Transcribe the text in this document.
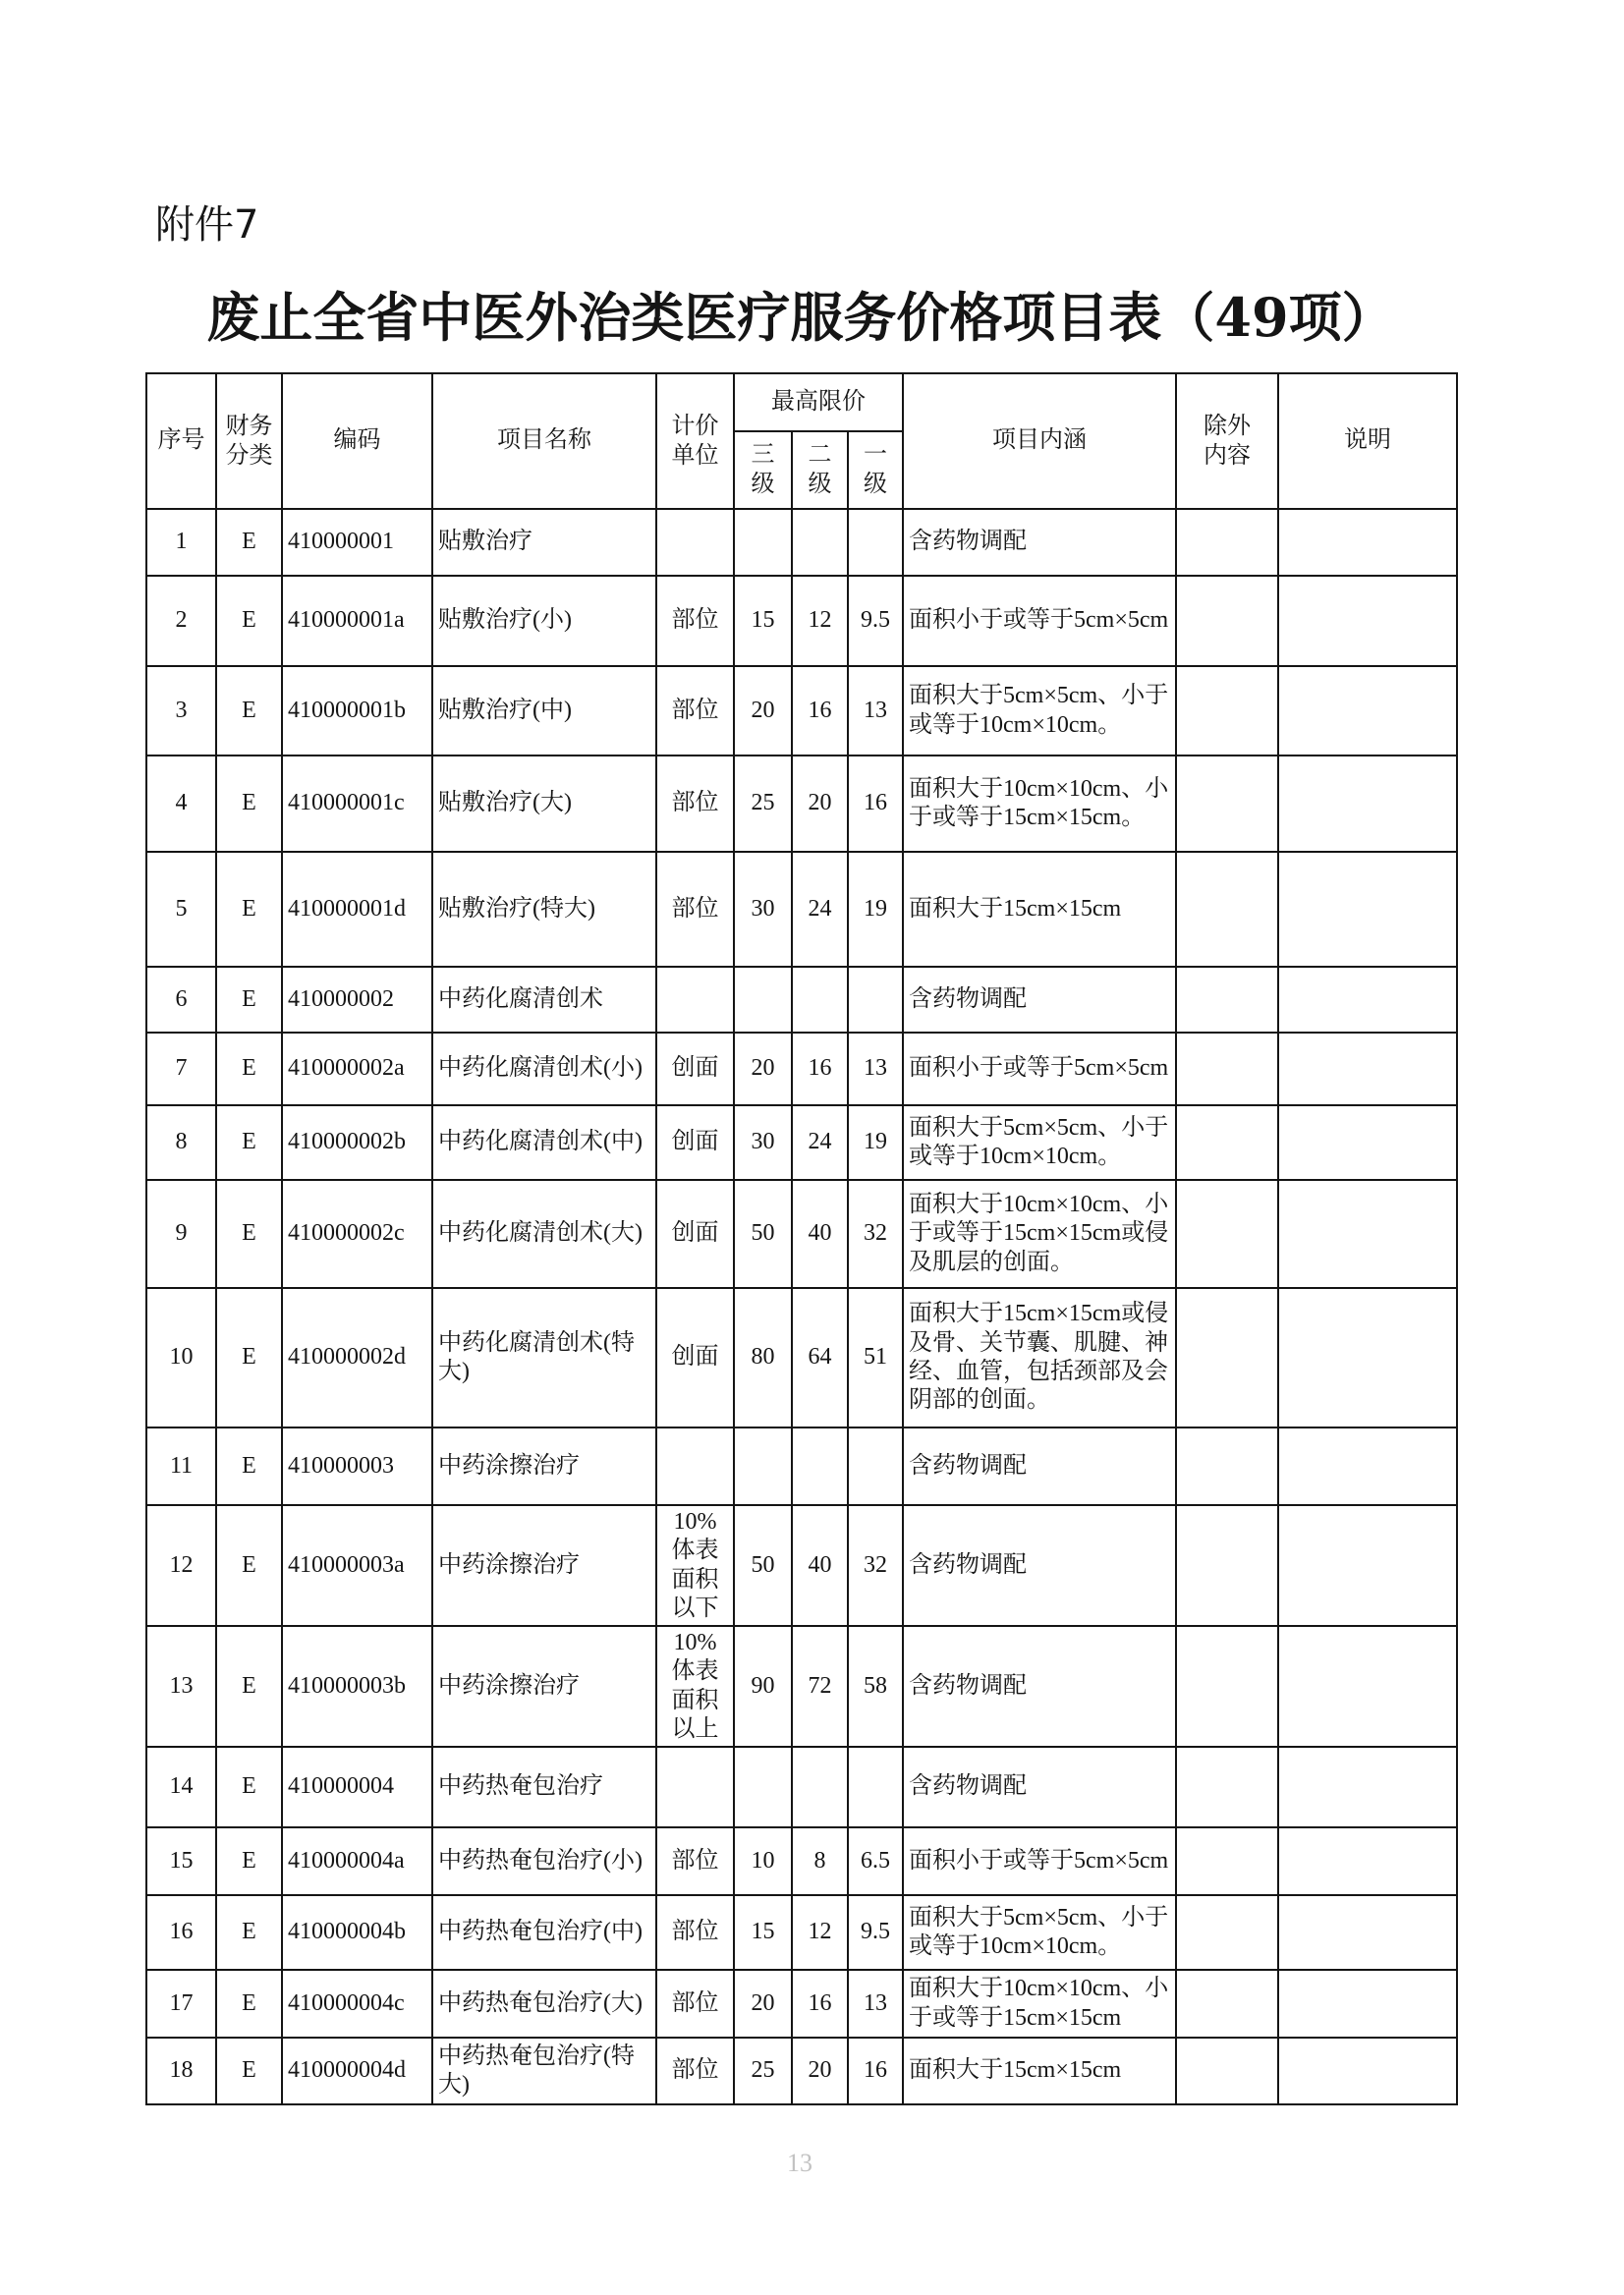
附件7
废止全省中医外治类医疗服务价格项目表（49项）
序号	财务分类	编码	项目名称	计价单位	最高限价			项目内涵	除外内容	说明
					三级	二级	一级			
1	E	410000001	贴敷治疗					含药物调配		
2	E	410000001a	贴敷治疗(小)	部位	15	12	9.5	面积小于或等于5cm×5cm		
3	E	410000001b	贴敷治疗(中)	部位	20	16	13	面积大于5cm×5cm、小于或等于10cm×10cm。		
4	E	410000001c	贴敷治疗(大)	部位	25	20	16	面积大于10cm×10cm、小于或等于15cm×15cm。		
5	E	410000001d	贴敷治疗(特大)	部位	30	24	19	面积大于15cm×15cm		
6	E	410000002	中药化腐清创术					含药物调配		
7	E	410000002a	中药化腐清创术(小)	创面	20	16	13	面积小于或等于5cm×5cm		
8	E	410000002b	中药化腐清创术(中)	创面	30	24	19	面积大于5cm×5cm、小于或等于10cm×10cm。		
9	E	410000002c	中药化腐清创术(大)	创面	50	40	32	面积大于10cm×10cm、小于或等于15cm×15cm或侵及肌层的创面。		
10	E	410000002d	中药化腐清创术(特大)	创面	80	64	51	面积大于15cm×15cm或侵及骨、关节囊、肌腱、神经、血管，包括颈部及会阴部的创面。		
11	E	410000003	中药涂擦治疗					含药物调配		
12	E	410000003a	中药涂擦治疗	10%体表面积以下	50	40	32	含药物调配		
13	E	410000003b	中药涂擦治疗	10%体表面积以上	90	72	58	含药物调配		
14	E	410000004	中药热奄包治疗					含药物调配		
15	E	410000004a	中药热奄包治疗(小)	部位	10	8	6.5	面积小于或等于5cm×5cm		
16	E	410000004b	中药热奄包治疗(中)	部位	15	12	9.5	面积大于5cm×5cm、小于或等于10cm×10cm。		
17	E	410000004c	中药热奄包治疗(大)	部位	20	16	13	面积大于10cm×10cm、小于或等于15cm×15cm		
18	E	410000004d	中药热奄包治疗(特大)	部位	25	20	16	面积大于15cm×15cm		
13
